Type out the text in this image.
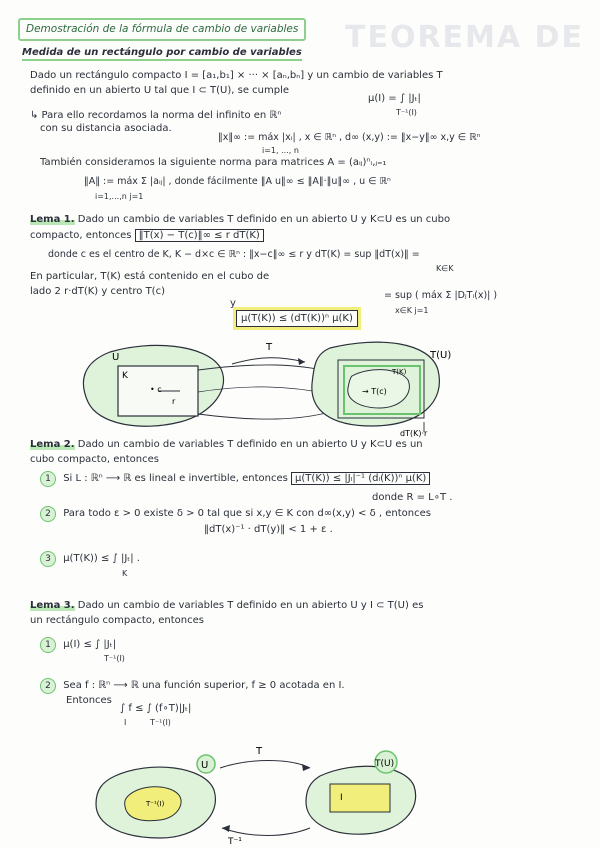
TEOREMA DE
Demostración de la fórmula de cambio de variables
Medida de un rectángulo por cambio de variables
Dado un rectángulo compacto I = [a₁,b₁] × ··· × [aₙ,bₙ] y un cambio de variables T
definido en un abierto U tal que I ⊂ T(U), se cumple
μ(I) = ∫ |Jₜ|
T⁻¹(I)
↳ Para ello recordamos la norma del infinito en ℝⁿ
con su distancia asociada.
‖x‖∞ := máx |xᵢ| , x ∈ ℝⁿ , d∞ (x,y) := ‖x−y‖∞ x,y ∈ ℝⁿ
i=1, ..., n
También consideramos la siguiente norma para matrices A = (aᵢⱼ)ⁿᵢ,ⱼ₌₁
‖A‖ := máx Σ |aᵢⱼ| , donde fácilmente ‖A u‖∞ ≤ ‖A‖·‖u‖∞ , u ∈ ℝⁿ
i=1,...,n j=1
Lema 1. Dado un cambio de variables T definido en un abierto U y K⊂U es un cubo
compacto, entonces ‖T(x) − T(c)‖∞ ≤ r dT(K)
donde c es el centro de K, K − d×c ∈ ℝⁿ : ‖x−c‖∞ ≤ r y dT(K) = sup ‖dT(x)‖ =
K∈K
En particular, T(K) está contenido en el cubo de
= sup ( máx Σ |DⱼTᵢ(x)| )
x∈K j=1
lado 2 r·dT(K) y centro T(c)
y
μ(T(K)) ≤ (dT(K))ⁿ μ(K)
U
K
• c
r
T
T(U)
T(K)
→ T(c)
dT(K)·r
Lema 2. Dado un cambio de variables T definido en un abierto U y K⊂U es un
cubo compacto, entonces
1 Si L : ℝⁿ ⟶ ℝ es lineal e invertible, entonces μ(T(K)) ≤ |Jₗ|⁻¹ (dₗ(K))ⁿ μ(K)
donde R = L∘T .
2 Para todo ε > 0 existe δ > 0 tal que si x,y ∈ K con d∞(x,y) < δ , entonces
‖dT(x)⁻¹ · dT(y)‖ < 1 + ε .
3 μ(T(K)) ≤ ∫ |Jₜ| .
K
Lema 3. Dado un cambio de variables T definido en un abierto U y I ⊂ T(U) es
un rectángulo compacto, entonces
1 μ(I) ≤ ∫ |Jₜ|
T⁻¹(I)
2 Sea f : ℝⁿ ⟶ ℝ una función superior, f ≥ 0 acotada en I.
Entonces
∫ f ≤ ∫ (f∘T)|Jₜ|
I	T⁻¹(I)
T
U	T(U)
T⁻¹(I)
I
T⁻¹
